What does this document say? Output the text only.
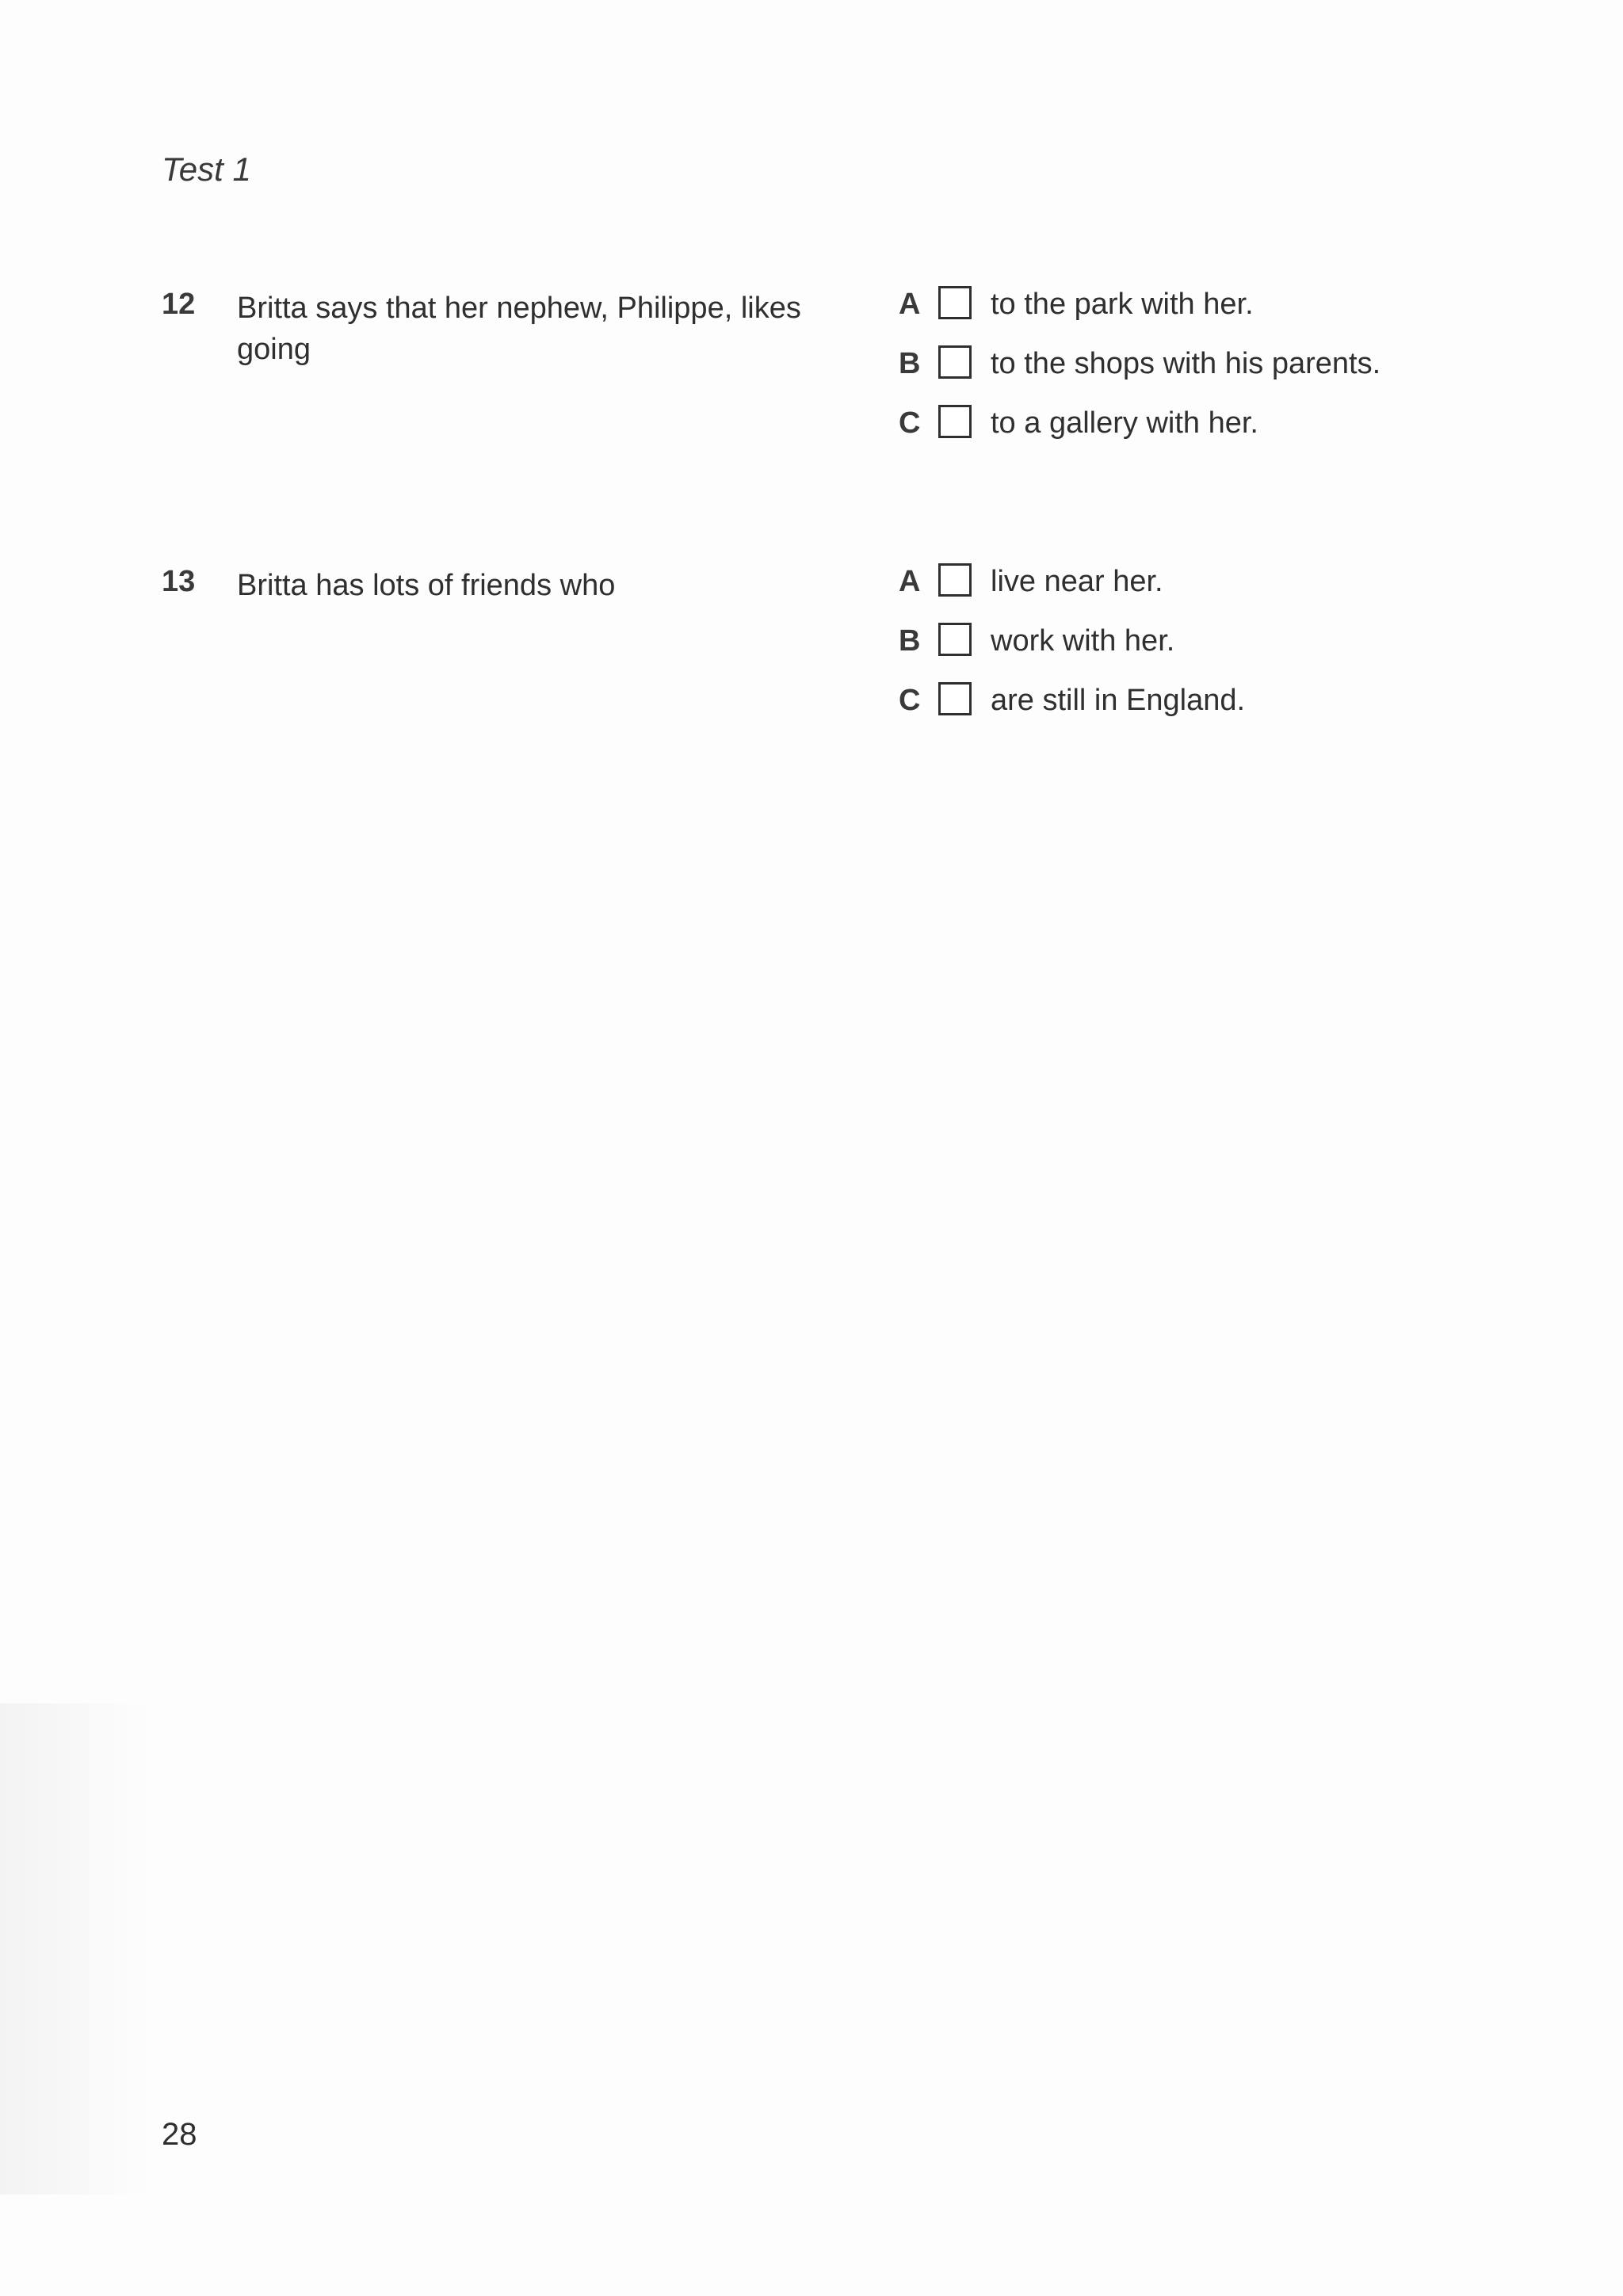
Test 1
12 Britta says that her nephew, Philippe, likes going
A to the park with her.
B to the shops with his parents.
C to a gallery with her.
13 Britta has lots of friends who	A live near her.
B work with her.
C are still in England.
28
